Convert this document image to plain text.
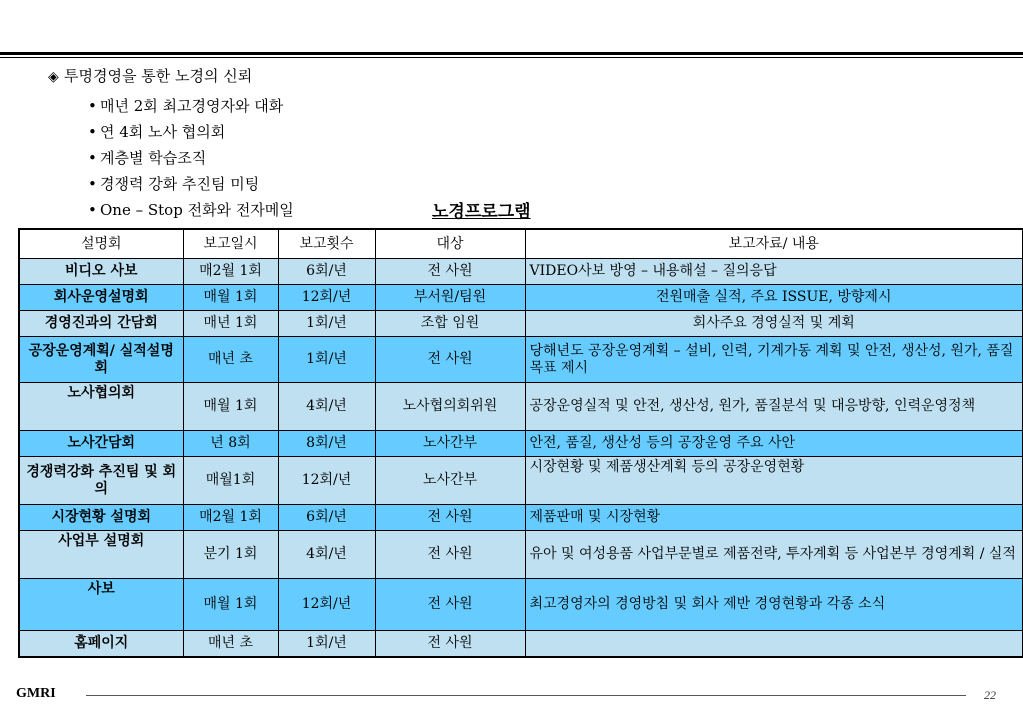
◈ 투명경영을 통한 노경의 신뢰
• 매년 2회 최고경영자와 대화
• 연 4회 노사 협의회
• 계층별 학습조직
• 경쟁력 강화 추진팀 미팅
• One – Stop 전화와 전자메일	노경프로그램
설명회	보고일시	보고횟수	대상	보고자료/ 내용
비디오 사보	매2월 1회	6회/년	전 사원	VIDEO사보 방영 – 내용해설 – 질의응답
회사운영설명회	매월 1회	12회/년	부서원/팀원	전원매출 실적, 주요 ISSUE, 방향제시
경영진과의 간담회	매년 1회	1회/년	조합 임원	회사주요 경영실적 및 계획
공장운영계획/ 실적설명회	매년 초	1회/년	전 사원	당해년도 공장운영계획 – 설비, 인력, 기계가동 계획 및 안전, 생산성, 원가, 품질목표 제시
노사협의회	매월 1회	4회/년	노사협의회위원	공장운영실적 및 안전, 생산성, 원가, 품질분석 및 대응방향, 인력운영정책
노사간담회	년 8회	8회/년	노사간부	안전, 품질, 생산성 등의 공장운영 주요 사안
경쟁력강화 추진팀 및 회의	매월1회	12회/년	노사간부	시장현황 및 제품생산계획 등의 공장운영현황
시장현황 설명회	매2월 1회	6회/년	전 사원	제품판매 및 시장현황
사업부 설명회	분기 1회	4회/년	전 사원	유아 및 여성용품 사업부문별로 제품전략, 투자계획 등 사업본부 경영계획 / 실적
사보	매월 1회	12회/년	전 사원	최고경영자의 경영방침 및 회사 제반 경영현황과 각종 소식
홈페이지	매년 초	1회/년	전 사원	
GMRI	22
